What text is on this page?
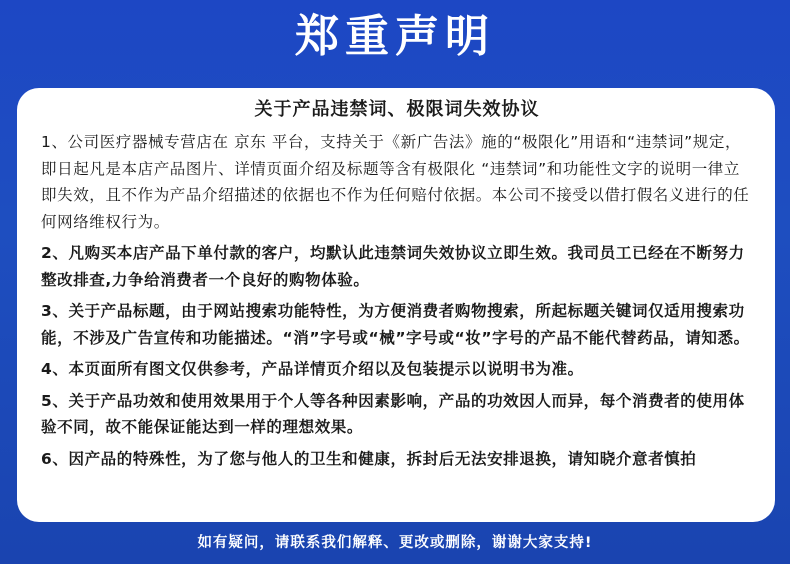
郑重声明
关于产品违禁词、极限词失效协议

1、公司医疗器械专营店在 京东 平台，支持关于《新广告法》施的“极限化”用语和“违禁词”规定，即日起凡是本店产品图片、详情页面介绍及标题等含有极限化 “违禁词”和功能性文字的说明一律立即失效，且不作为产品介绍描述的依据也不作为任何赔付依据。本公司不接受以借打假名义进行的任何网络维权行为。

2、凡购买本店产品下单付款的客户，均默认此违禁词失效协议立即生效。我司员工已经在不断努力整改排查,力争给消费者一个良好的购物体验。

3、关于产品标题，由于网站搜索功能特性，为方便消费者购物搜索，所起标题关键词仅适用搜索功能，不涉及广告宣传和功能描述。“消”字号或“械”字号或“妆”字号的产品不能代替药品，请知悉。

4、本页面所有图文仅供参考，产品详情页介绍以及包装提示以说明书为准。

5、关于产品功效和使用效果用于个人等各种因素影响，产品的功效因人而异，每个消费者的使用体验不同，故不能保证能达到一样的理想效果。

6、因产品的特殊性，为了您与他人的卫生和健康，拆封后无法安排退换，请知晓介意者慎拍

如有疑问，请联系我们解释、更改或删除，谢谢大家支持!
